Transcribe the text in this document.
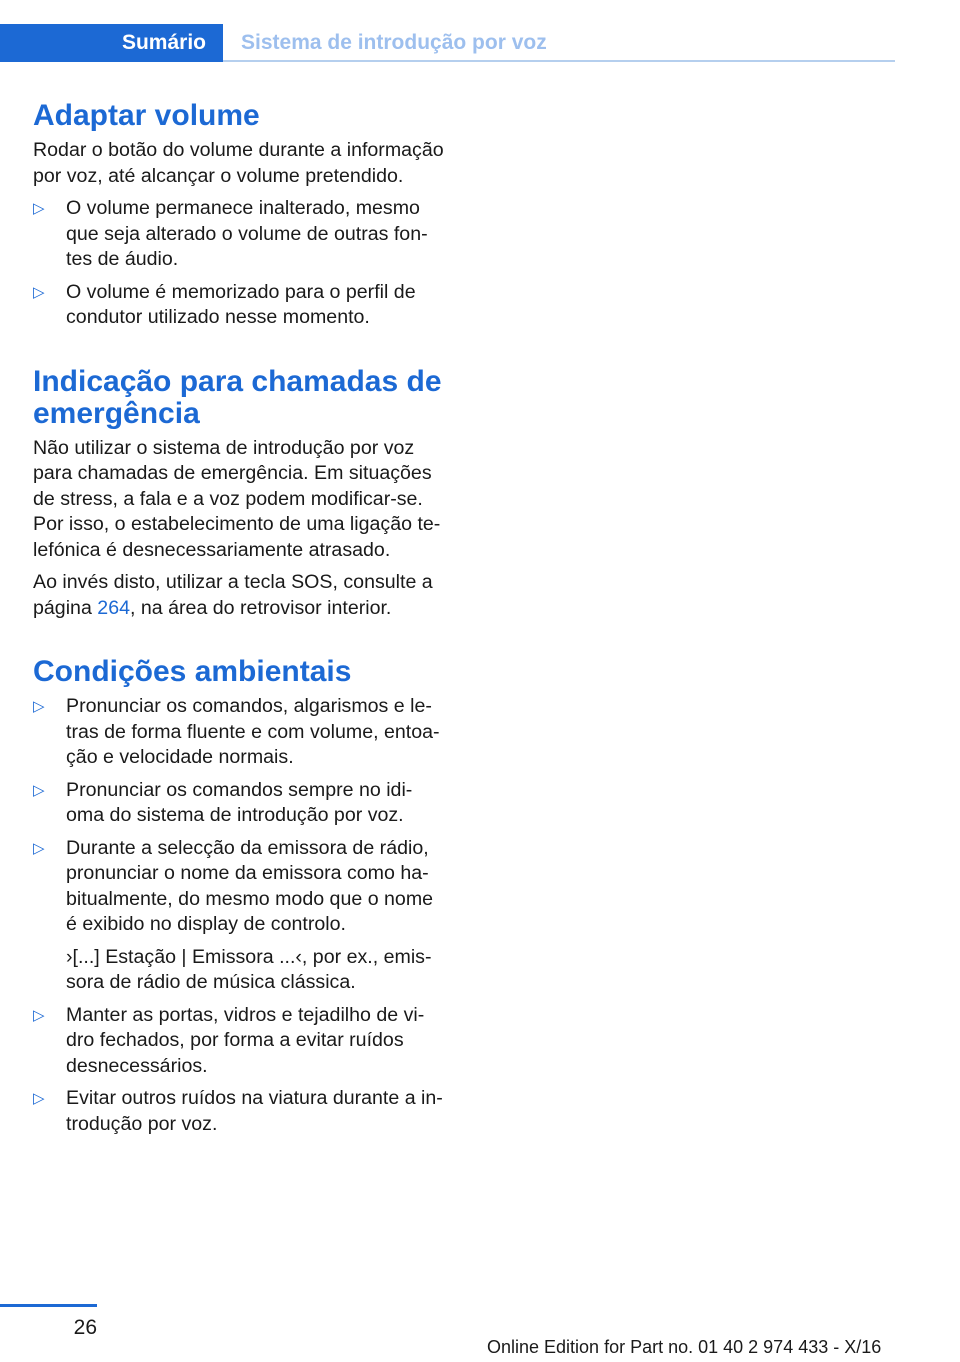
Sumário Sistema de introdução por voz
Adaptar volume

Rodar o botão do volume durante a informação por voz, até alcançar o volume pretendido.

▷ O volume permanece inalterado, mesmo que seja alterado o volume de outras fon-tes de áudio.
▷ O volume é memorizado para o perfil de condutor utilizado nesse momento.
Indicação para chamadas de emergência

Não utilizar o sistema de introdução por voz para chamadas de emergência. Em situações de stress, a fala e a voz podem modificar-se. Por isso, o estabelecimento de uma ligação te-lefónica é desnecessariamente atrasado.

Ao invés disto, utilizar a tecla SOS, consulte a página 264, na área do retrovisor interior.

Condições ambientais
▷ Pronunciar os comandos, algarismos e le-tras de forma fluente e com volume, entoa-ção e velocidade normais.
▷ Pronunciar os comandos sempre no idi-oma do sistema de introdução por voz.
▷ Durante a selecção da emissora de rádio, pronunciar o nome da emissora como ha-bitualmente, do mesmo modo que o nome é exibido no display de controlo.
›[...] Estação | Emissora ...‹, por ex., emis-sora de rádio de música clássica.
▷ Manter as portas, vidros e tejadilho de vi-dro fechados, por forma a evitar ruídos desnecessários.
▷ Evitar outros ruídos na viatura durante a in-trodução por voz.
26
Online Edition for Part no. 01 40 2 974 433 - X/16
